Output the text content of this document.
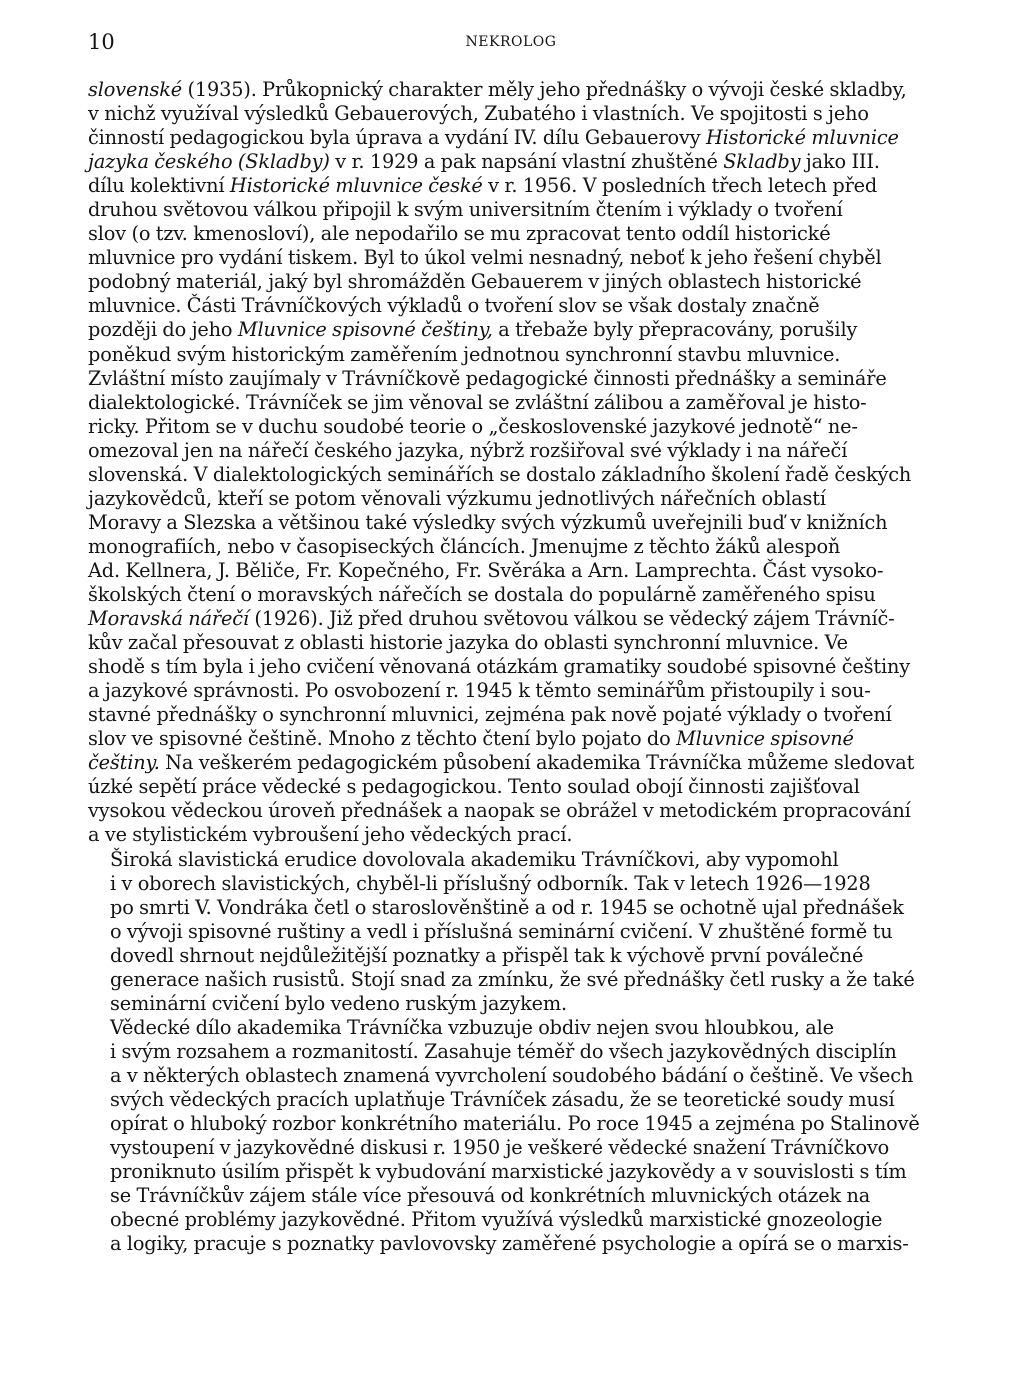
10	NEKROLOG

slovenské (1935). Průkopnický charakter měly jeho přednášky o vývoji české skladby,
v nichž využíval výsledků Gebauerových, Zubatého i vlastních. Ve spojitosti s jeho
činností pedagogickou byla úprava a vydání IV. dílu Gebauerovy Historické mluvnice
jazyka českého (Skladby) v r. 1929 a pak napsání vlastní zhuštěné Skladby jako III.
dílu kolektivní Historické mluvnice české v r. 1956. V posledních třech letech před
druhou světovou válkou připojil k svým universitním čtením i výklady o tvoření
slov (o tzv. kmenosloví), ale nepodařilo se mu zpracovat tento oddíl historické
mluvnice pro vydání tiskem. Byl to úkol velmi nesnadný, neboť k jeho řešení chyběl
podobný materiál, jaký byl shromážděn Gebauerem v jiných oblastech historické
mluvnice. Části Trávníčkových výkladů o tvoření slov se však dostaly značně
později do jeho Mluvnice spisovné češtiny, a třebaže byly přepracovány, porušily
poněkud svým historickým zaměřením jednotnou synchronní stavbu mluvnice.
Zvláštní místo zaujímaly v Trávníčkově pedagogické činnosti přednášky a semináře
dialektologické. Trávníček se jim věnoval se zvláštní zálibou a zaměřoval je histo-
ricky. Přitom se v duchu soudobé teorie o „československé jazykové jednotě“ ne-
omezoval jen na nářečí českého jazyka, nýbrž rozšiřoval své výklady i na nářečí
slovenská. V dialektologických seminářích se dostalo základního školení řadě českých
jazykovědců, kteří se potom věnovali výzkumu jednotlivých nářečních oblastí
Moravy a Slezska a většinou také výsledky svých výzkumů uveřejnili buď v knižních
monografiích, nebo v časopiseckých článcích. Jmenujme z těchto žáků alespoň
Ad. Kellnera, J. Běliče, Fr. Kopečného, Fr. Svěráka a Arn. Lamprechta. Část vysoko-
školských čtení o moravských nářečích se dostala do populárně zaměřeného spisu
Moravská nářečí (1926). Již před druhou světovou válkou se vědecký zájem Trávníč-
kův začal přesouvat z oblasti historie jazyka do oblasti synchronní mluvnice. Ve
shodě s tím byla i jeho cvičení věnovaná otázkám gramatiky soudobé spisovné češtiny
a jazykové správnosti. Po osvobození r. 1945 k těmto seminářům přistoupily i sou-
stavné přednášky o synchronní mluvnici, zejména pak nově pojaté výklady o tvoření
slov ve spisovné češtině. Mnoho z těchto čtení bylo pojato do Mluvnice spisovné
češtiny. Na veškerém pedagogickém působení akademika Trávníčka můžeme sledovat
úzké sepětí práce vědecké s pedagogickou. Tento soulad obojí činnosti zajišťoval
vysokou vědeckou úroveň přednášek a naopak se obrážel v metodickém propracování
a ve stylistickém vybroušení jeho vědeckých prací.

Široká slavistická erudice dovolovala akademiku Trávníčkovi, aby vypomohl
i v oborech slavistických, chyběl-li příslušný odborník. Tak v letech 1926—1928
po smrti V. Vondráka četl o staroslověnštině a od r. 1945 se ochotně ujal přednášek
o vývoji spisovné ruštiny a vedl i příslušná seminární cvičení. V zhuštěné formě tu
dovedl shrnout nejdůležitější poznatky a přispěl tak k výchově první poválečné
generace našich rusistů. Stojí snad za zmínku, že své přednášky četl rusky a že také
seminární cvičení bylo vedeno ruským jazykem.

Vědecké dílo akademika Trávníčka vzbuzuje obdiv nejen svou hloubkou, ale
i svým rozsahem a rozmanitostí. Zasahuje téměř do všech jazykovědných disciplín
a v některých oblastech znamená vyvrcholení soudobého bádání o češtině. Ve všech
svých vědeckých pracích uplatňuje Trávníček zásadu, že se teoretické soudy musí
opírat o hluboký rozbor konkrétního materiálu. Po roce 1945 a zejména po Stalinově
vystoupení v jazykovědné diskusi r. 1950 je veškeré vědecké snažení Trávníčkovo
proniknuto úsilím přispět k vybudování marxistické jazykovědy a v souvislosti s tím
se Trávníčkův zájem stále více přesouvá od konkrétních mluvnických otázek na
obecné problémy jazykovědné. Přitom využívá výsledků marxistické gnozeologie
a logiky, pracuje s poznatky pavlovovsky zaměřené psychologie a opírá se o marxis-
